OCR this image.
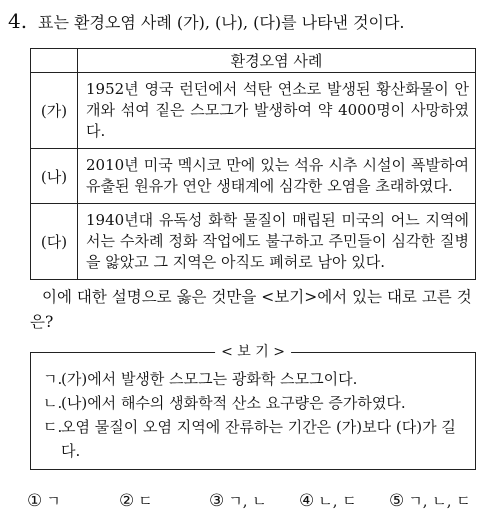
4. 표는 환경오염 사례 (가), (나), (다)를 나타낸 것이다.
	환경오염 사례
(가)	1952년 영국 런던에서 석탄 연소로 발생된 황산화물이 안개와 섞여 짙은 스모그가 발생하여 약 4000명이 사망하였다.
(나)	2010년 미국 멕시코 만에 있는 석유 시추 시설이 폭발하여 유출된 원유가 연안 생태계에 심각한 오염을 초래하였다.
(다)	1940년대 유독성 화학 물질이 매립된 미국의 어느 지역에서는 수차례 정화 작업에도 불구하고 주민들이 심각한 질병을 앓았고 그 지역은 아직도 폐허로 남아 있다.
이에 대한 설명으로 옳은 것만을 <보기>에서 있는 대로 고른 것은?
< 보 기 >
ㄱ.
(가)에서 발생한 스모그는 광화학 스모그이다.
ㄴ.
(나)에서 해수의 생화학적 산소 요구량은 증가하였다.
ㄷ.
오염 물질이 오염 지역에 잔류하는 기간은 (가)보다 (다)가 길다.
① ㄱ	② ㄷ	③ ㄱ, ㄴ ④ ㄴ, ㄷ ⑤ ㄱ, ㄴ, ㄷ
